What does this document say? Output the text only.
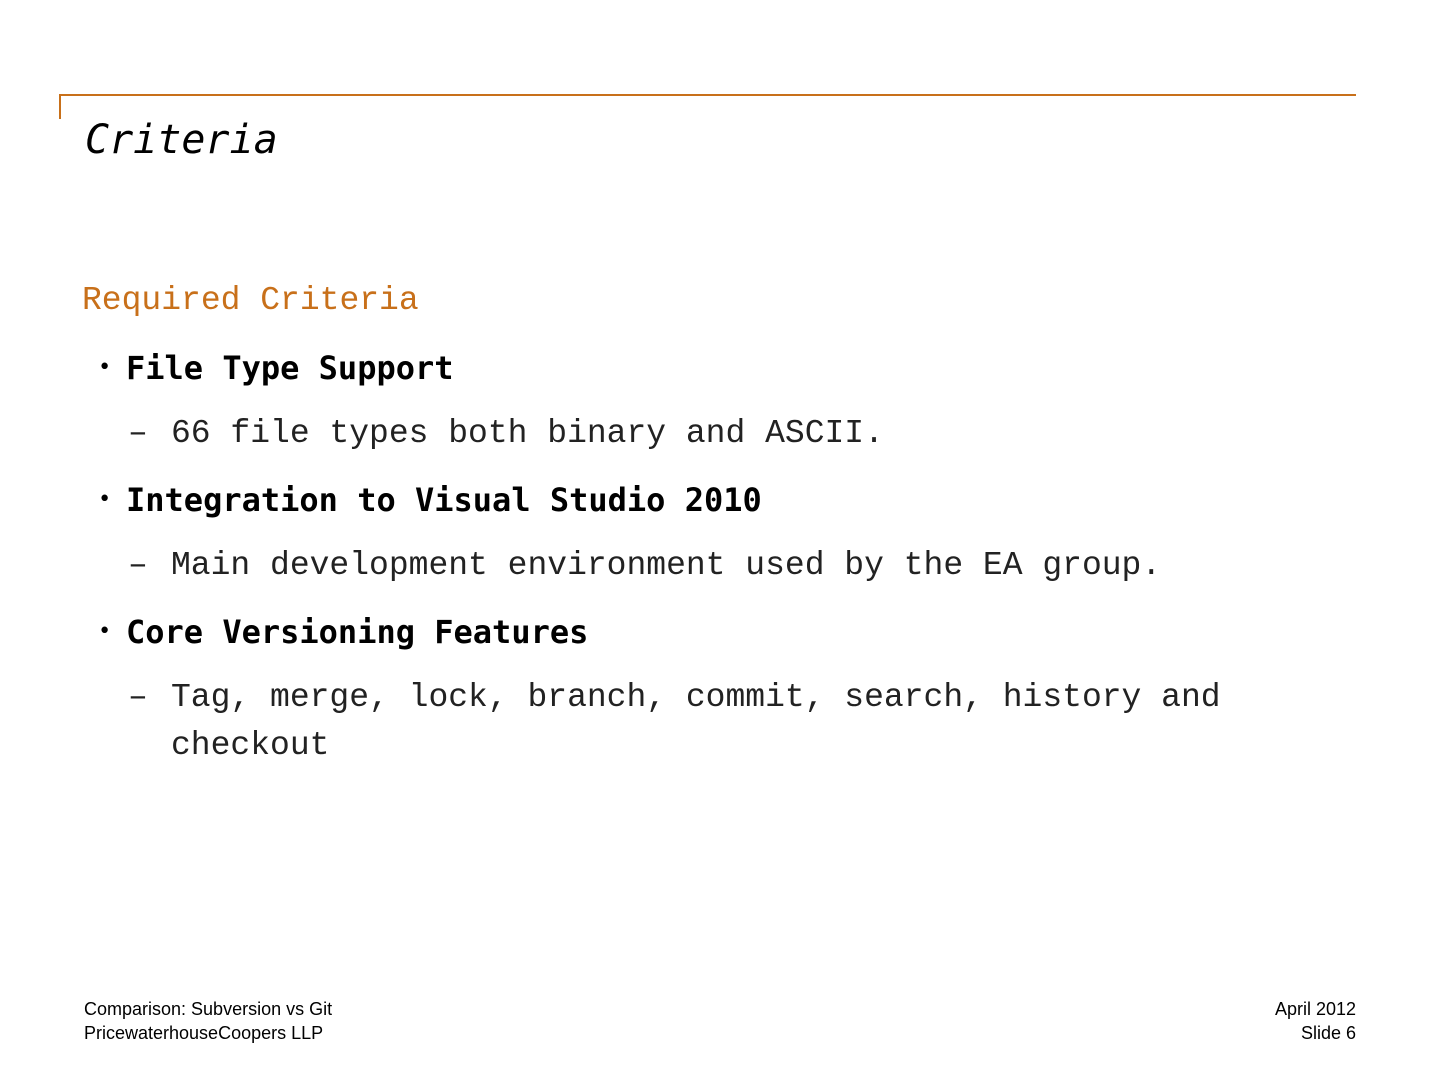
Criteria
Required Criteria
• File Type Support
– 66 file types both binary and ASCII.
• Integration to Visual Studio 2010
– Main development environment used by the EA group.
• Core Versioning Features
– Tag, merge, lock, branch, commit, search, history and checkout
Comparison: Subversion vs Git
PricewaterhouseCoopers LLP
April 2012
Slide 6
